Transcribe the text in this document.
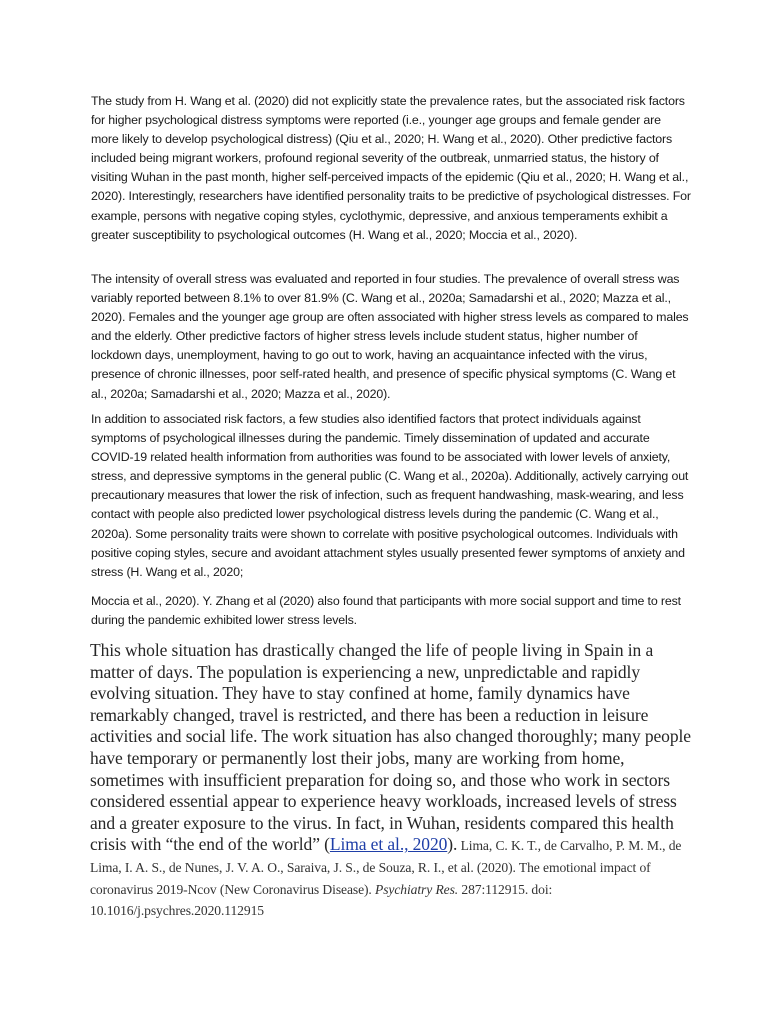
The study from H. Wang et al. (2020) did not explicitly state the prevalence rates, but the associated risk factors for higher psychological distress symptoms were reported (i.e., younger age groups and female gender are more likely to develop psychological distress) (Qiu et al., 2020; H. Wang et al., 2020). Other predictive factors included being migrant workers, profound regional severity of the outbreak, unmarried status, the history of visiting Wuhan in the past month, higher self-perceived impacts of the epidemic (Qiu et al., 2020; H. Wang et al., 2020). Interestingly, researchers have identified personality traits to be predictive of psychological distresses. For example, persons with negative coping styles, cyclothymic, depressive, and anxious temperaments exhibit a greater susceptibility to psychological outcomes (H. Wang et al., 2020; Moccia et al., 2020).

The intensity of overall stress was evaluated and reported in four studies. The prevalence of overall stress was variably reported between 8.1% to over 81.9% (C. Wang et al., 2020a; Samadarshi et al., 2020; Mazza et al., 2020). Females and the younger age group are often associated with higher stress levels as compared to males and the elderly. Other predictive factors of higher stress levels include student status, higher number of lockdown days, unemployment, having to go out to work, having an acquaintance infected with the virus, presence of chronic illnesses, poor self-rated health, and presence of specific physical symptoms (C. Wang et al., 2020a; Samadarshi et al., 2020; Mazza et al., 2020).

In addition to associated risk factors, a few studies also identified factors that protect individuals against symptoms of psychological illnesses during the pandemic. Timely dissemination of updated and accurate COVID-19 related health information from authorities was found to be associated with lower levels of anxiety, stress, and depressive symptoms in the general public (C. Wang et al., 2020a). Additionally, actively carrying out precautionary measures that lower the risk of infection, such as frequent handwashing, mask-wearing, and less contact with people also predicted lower psychological distress levels during the pandemic (C. Wang et al., 2020a). Some personality traits were shown to correlate with positive psychological outcomes. Individuals with positive coping styles, secure and avoidant attachment styles usually presented fewer symptoms of anxiety and stress (H. Wang et al., 2020;

Moccia et al., 2020). Y. Zhang et al (2020) also found that participants with more social support and time to rest during the pandemic exhibited lower stress levels.

This whole situation has drastically changed the life of people living in Spain in a matter of days. The population is experiencing a new, unpredictable and rapidly evolving situation. They have to stay confined at home, family dynamics have remarkably changed, travel is restricted, and there has been a reduction in leisure activities and social life. The work situation has also changed thoroughly; many people have temporary or permanently lost their jobs, many are working from home, sometimes with insufficient preparation for doing so, and those who work in sectors considered essential appear to experience heavy workloads, increased levels of stress and a greater exposure to the virus. In fact, in Wuhan, residents compared this health crisis with “the end of the world” (Lima et al., 2020). Lima, C. K. T., de Carvalho, P. M. M., de Lima, I. A. S., de Nunes, J. V. A. O., Saraiva, J. S., de Souza, R. I., et al. (2020). The emotional impact of coronavirus 2019-Ncov (New Coronavirus Disease). Psychiatry Res. 287:112915. doi: 10.1016/j.psychres.2020.112915
